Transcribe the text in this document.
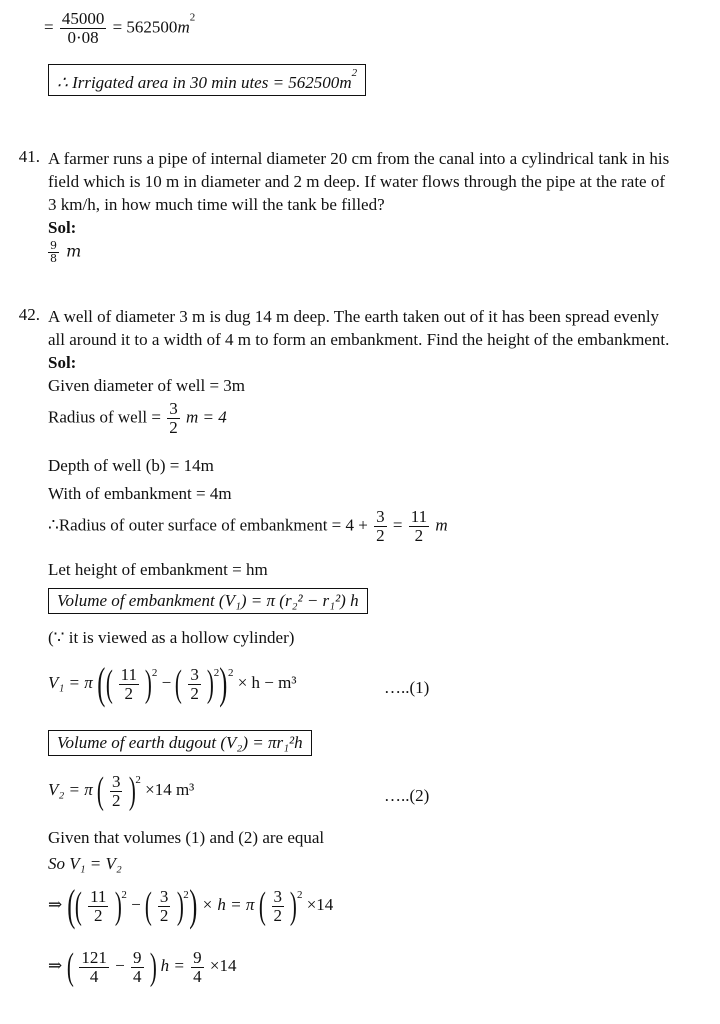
= $\frac{45000}{0\cdot 08} = 562500m^2$
∴ Irrigated area in 30 min utes = $562500m^2$
41. A farmer runs a pipe of internal diameter 20 cm from the canal into a cylindrical tank in his
field which is 10 m in diameter and 2 m deep. If water flows through the pipe at the rate of
3 km/h, in how much time will the tank be filled?
Sol:
$\frac{9}{8}$ m
42. A well of diameter 3 m is dug 14 m deep. The earth taken out of it has been spread evenly
all around it to a width of 4 m to form an embankment. Find the height of the embankment.
Sol:
Given diameter of well = 3m
Radius of well = $\frac{3}{2}$ m = 4
Depth of well (b) = 14m
With of embankment = 4m
∴Radius of outer surface of embankment = $4 + \frac{3}{2} = \frac{11}{2}$ m
Let height of embankment = hm
Volume of embankment (V₁) = π (r₂² − r₁²) h
(∵ it is viewed as a hollow cylinder)
V₁ = π (( $\frac{11}{2} )^2$ − ( $\frac{3}{2} )^2)^2 \times h - m^3$	…..(1)
Volume of earth dugout (V₂) = πr₁²h
V₂ = π ( $\frac{3}{2} )^2 \times 14$ m³	…..(2)
Given that volumes (1) and (2) are equal
So V₁ = V₂
⇒ (( $\frac{11}{2} )^2$ − ( $\frac{3}{2} )^2) \times h = \pi$ ( $\frac{3}{2} )^2 \times 14$
⇒ ( $\frac{121}{4} - \frac{9}{4}$ ) $h = \frac{9}{4} \times 14$
